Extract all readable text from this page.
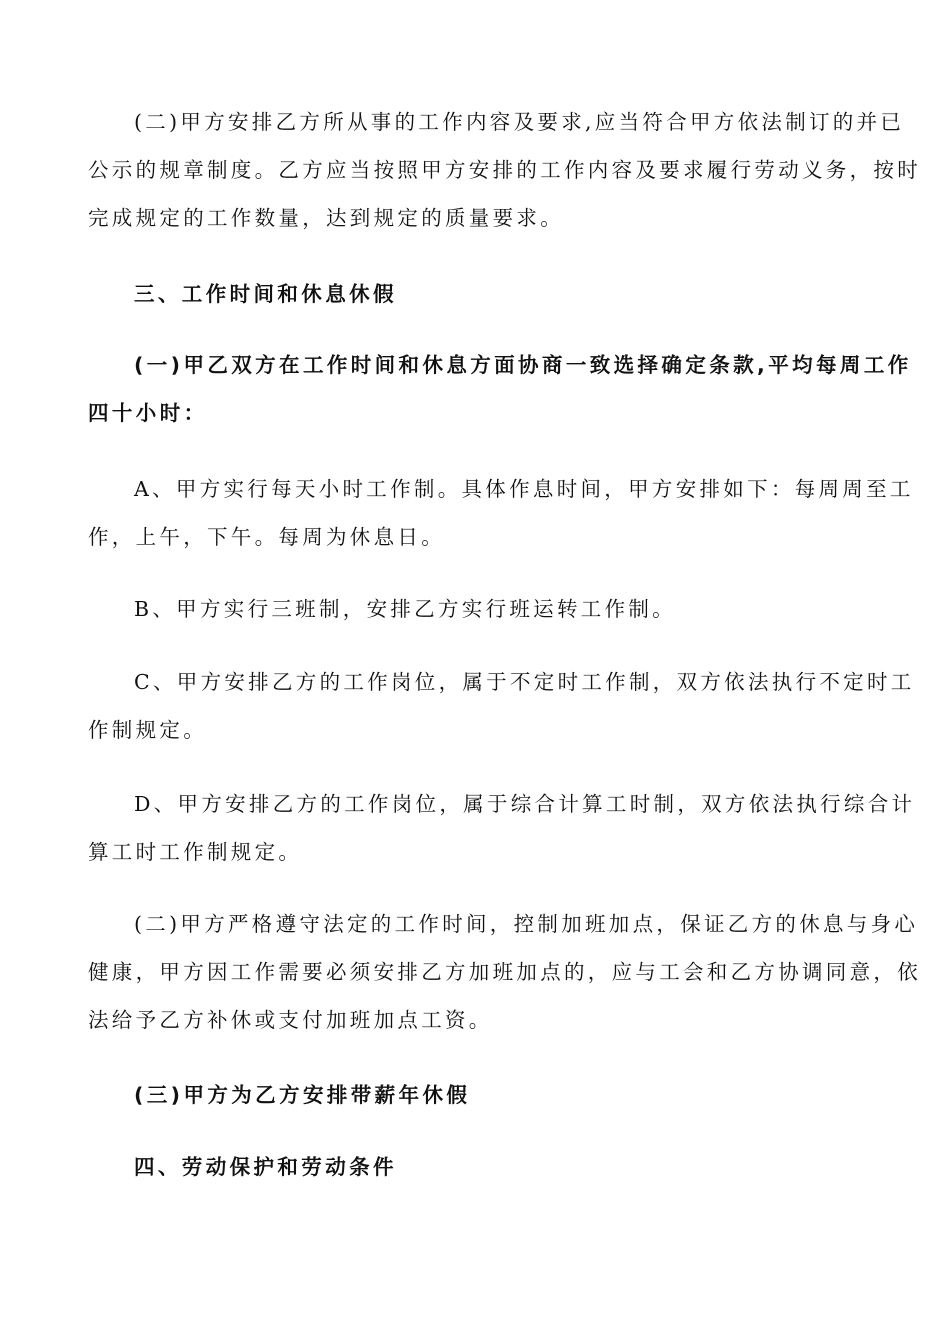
(二)甲方安排乙方所从事的工作内容及要求,应当符合甲方依法制订的并已
公示的规章制度。乙方应当按照甲方安排的工作内容及要求履行劳动义务，按时
完成规定的工作数量，达到规定的质量要求。
三、工作时间和休息休假
(一)甲乙双方在工作时间和休息方面协商一致选择确定条款,平均每周工作
四十小时：
A、甲方实行每天小时工作制。具体作息时间，甲方安排如下：每周周至工
作，上午，下午。每周为休息日。
B、甲方实行三班制，安排乙方实行班运转工作制。
C、甲方安排乙方的工作岗位，属于不定时工作制，双方依法执行不定时工
作制规定。
D、甲方安排乙方的工作岗位，属于综合计算工时制，双方依法执行综合计
算工时工作制规定。
(二)甲方严格遵守法定的工作时间，控制加班加点，保证乙方的休息与身心
健康，甲方因工作需要必须安排乙方加班加点的，应与工会和乙方协调同意，依
法给予乙方补休或支付加班加点工资。
(三)甲方为乙方安排带薪年休假
四、劳动保护和劳动条件
